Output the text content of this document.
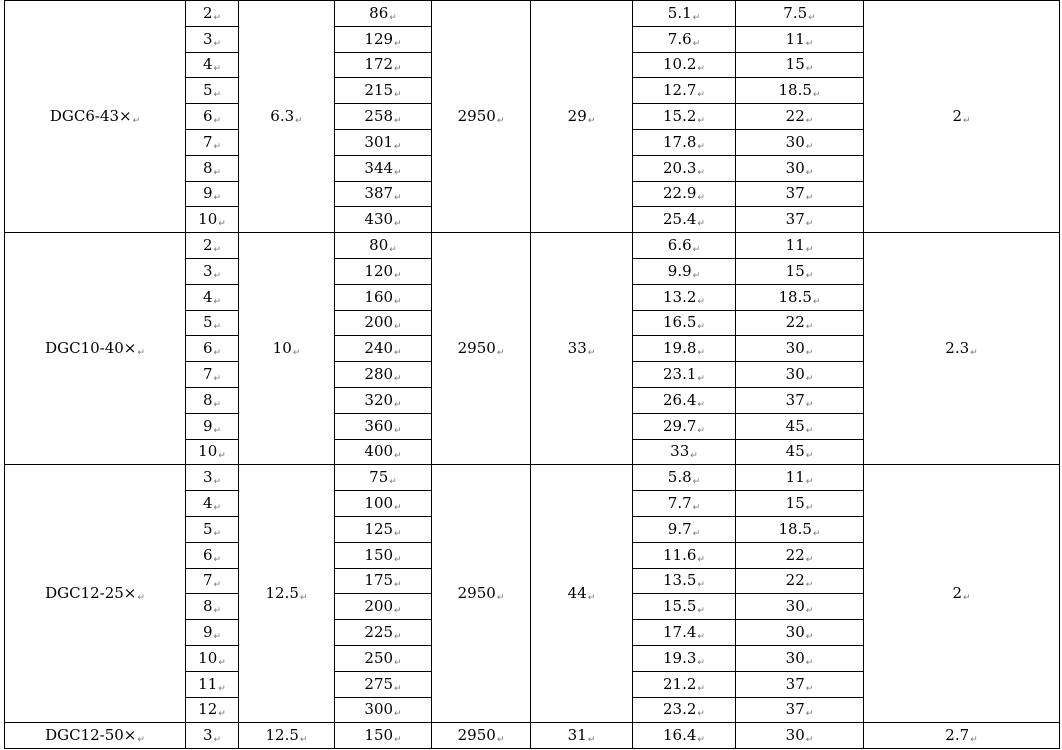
DGC6-43×↵	2↵	6.3↵	86↵	2950↵	29↵	5.1↵	7.5↵	2↵
	3↵		129↵			7.6↵	11↵	
	4↵		172↵			10.2↵	15↵	
	5↵		215↵			12.7↵	18.5↵	
	6↵		258↵			15.2↵	22↵	
	7↵		301↵			17.8↵	30↵	
	8↵		344↵			20.3↵	30↵	
	9↵		387↵			22.9↵	37↵	
	10↵		430↵			25.4↵	37↵	
DGC10-40×↵	2↵	10↵	80↵	2950↵	33↵	6.6↵	11↵	2.3↵
	3↵		120↵			9.9↵	15↵	
	4↵		160↵			13.2↵	18.5↵	
	5↵		200↵			16.5↵	22↵	
	6↵		240↵			19.8↵	30↵	
	7↵		280↵			23.1↵	30↵	
	8↵		320↵			26.4↵	37↵	
	9↵		360↵			29.7↵	45↵	
	10↵		400↵			33↵	45↵	
DGC12-25×↵	3↵	12.5↵	75↵	2950↵	44↵	5.8↵	11↵	2↵
	4↵		100↵			7.7↵	15↵	
	5↵		125↵			9.7↵	18.5↵	
	6↵		150↵			11.6↵	22↵	
	7↵		175↵			13.5↵	22↵	
	8↵		200↵			15.5↵	30↵	
	9↵		225↵			17.4↵	30↵	
	10↵		250↵			19.3↵	30↵	
	11↵		275↵			21.2↵	37↵	
	12↵		300↵			23.2↵	37↵	
DGC12-50×↵	3↵	12.5↵	150↵	2950↵	31↵	16.4↵	30↵	2.7↵
